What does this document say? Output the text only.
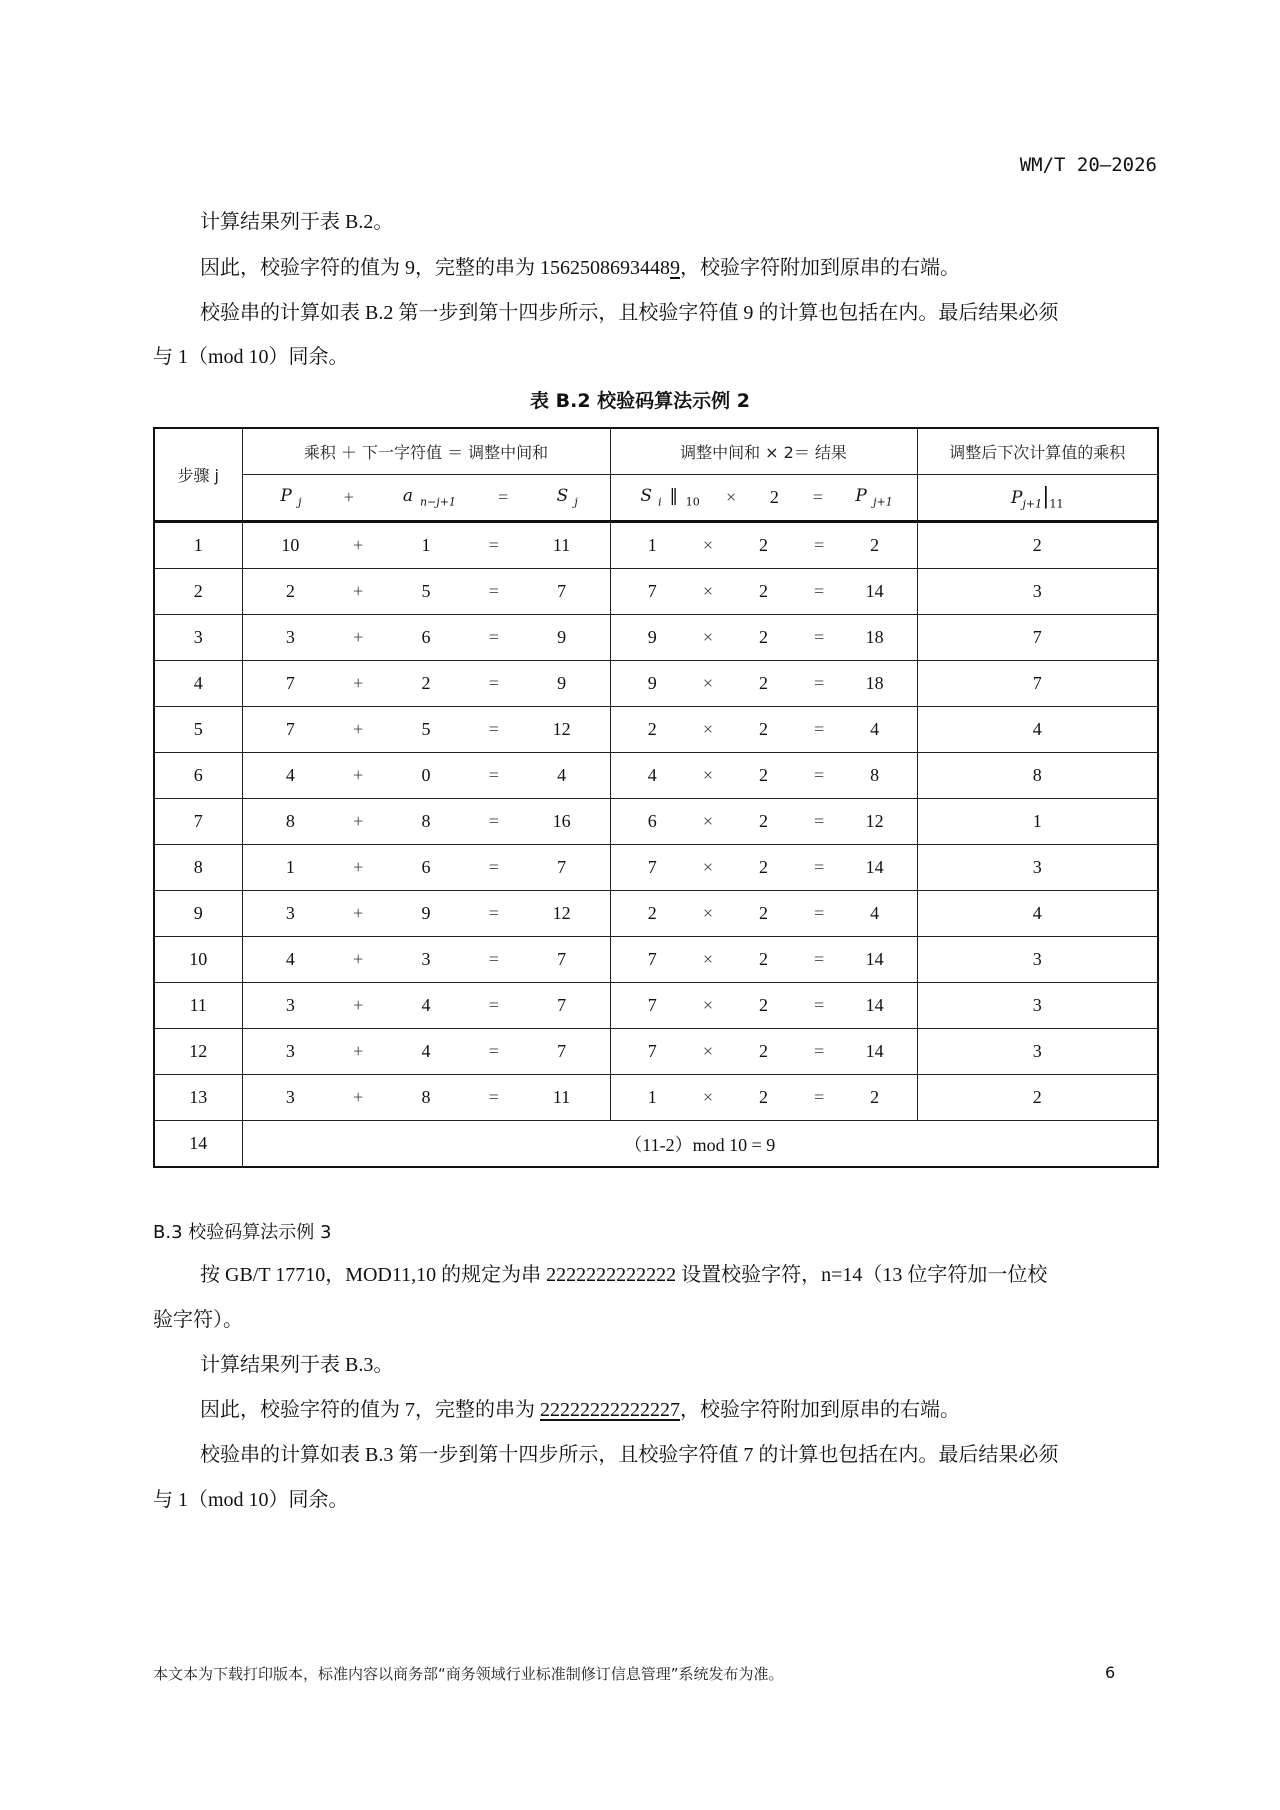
WM/T 20—2026
计算结果列于表 B.2。
因此，校验字符的值为 9，完整的串为 15625086934489，校验字符附加到原串的右端。
校验串的计算如表 B.2 第一步到第十四步所示，且校验字符值 9 的计算也包括在内。最后结果必须
与 1（mod 10）同余。
表 B.2 校验码算法示例 2
步骤 j	乘积 ＋ 下一字符值 ＝ 调整中间和	调整中间和 × 2＝ 结果	调整后下次计算值的乘积

	P $_j$ + a $_{n-j+1}$ = S $_j$	S $_i$ ‖ $_{10}$ × 2 = P $_{j+1}$	$P_{j+1}|_{11}$
1	10 + 1 = 11	1 × 2 = 2	2
2	2 + 5 = 7	7 × 2 = 14	3
3	3 + 6 = 9	9 × 2 = 18	7
4	7 + 2 = 9	9 × 2 = 18	7
5	7 + 5 = 12	2 × 2 = 4	4
6	4 + 0 = 4	4 × 2 = 8	8
7	8 + 8 = 16	6 × 2 = 12	1
8	1 + 6 = 7	7 × 2 = 14	3
9	3 + 9 = 12	2 × 2 = 4	4
10	4 + 3 = 7	7 × 2 = 14	3
11	3 + 4 = 7	7 × 2 = 14	3
12	3 + 4 = 7	7 × 2 = 14	3
13	3 + 8 = 11	1 × 2 = 2	2
14	（11-2）mod 10 = 9		
B.3 校验码算法示例 3
按 GB/T 17710，MOD11,10 的规定为串 2222222222222 设置校验字符，n=14（13 位字符加一位校
验字符）。
计算结果列于表 B.3。
因此，校验字符的值为 7，完整的串为 22222222222227，校验字符附加到原串的右端。
校验串的计算如表 B.3 第一步到第十四步所示，且校验字符值 7 的计算也包括在内。最后结果必须
与 1（mod 10）同余。
本文本为下载打印版本，标准内容以商务部“商务领域行业标准制修订信息管理”系统发布为准。	6
